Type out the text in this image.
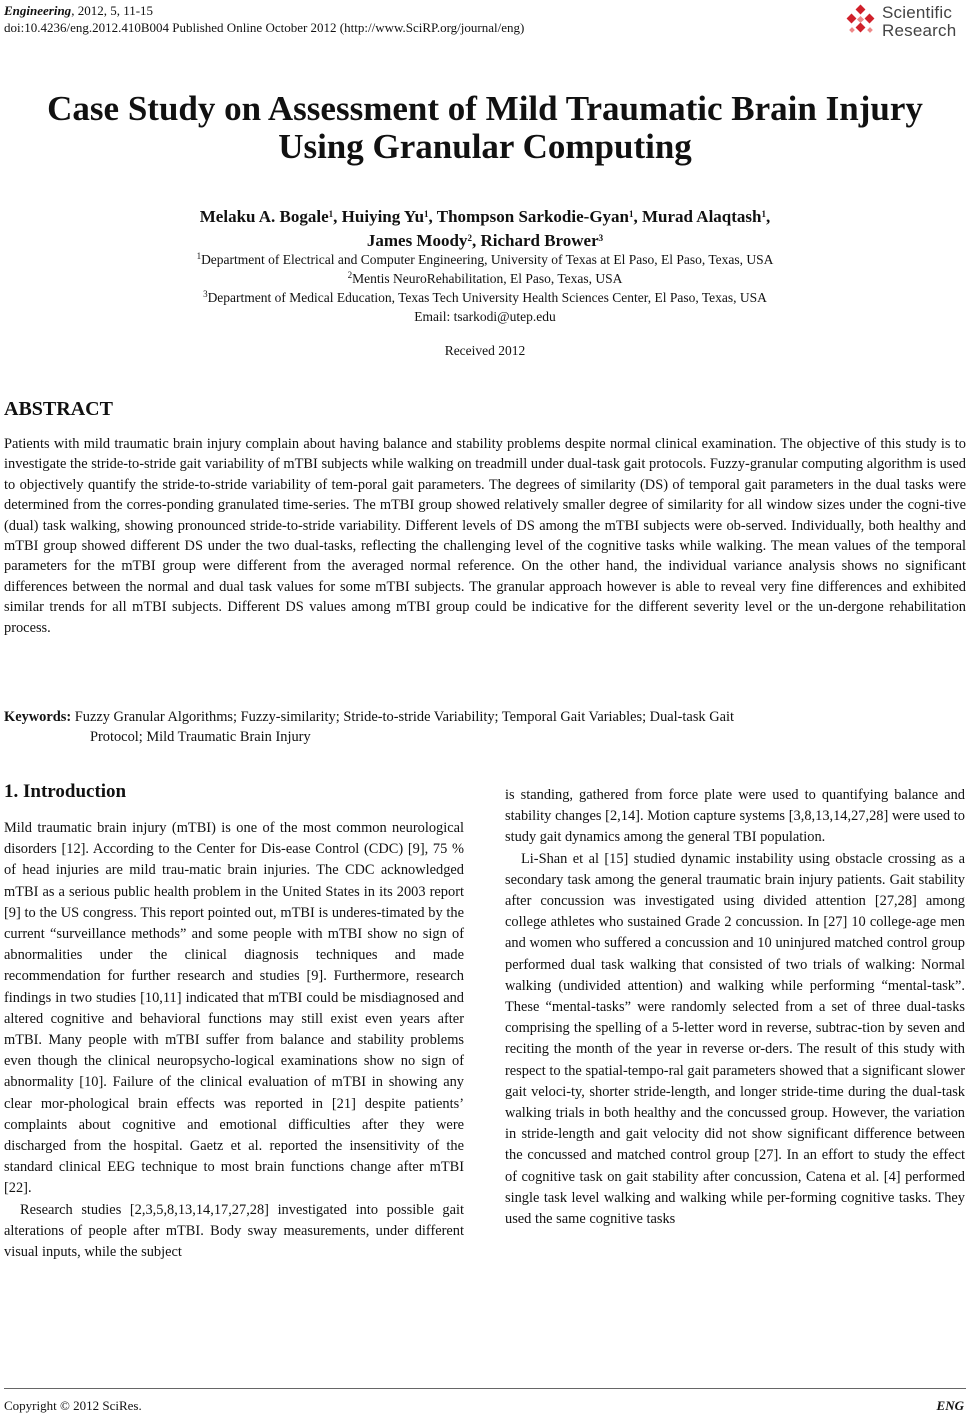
Engineering, 2012, 5, 11-15
doi:10.4236/eng.2012.410B004 Published Online October 2012 (http://www.SciRP.org/journal/eng)
Scientific
Research
Case Study on Assessment of Mild Traumatic Brain Injury
Using Granular Computing
Melaku A. Bogale$^1$, Huiying Yu$^1$, Thompson Sarkodie-Gyan$^1$, Murad Alaqtash$^1$,
James Moody$^2$, Richard Brower$^3$
$^1$Department of Electrical and Computer Engineering, University of Texas at El Paso, El Paso, Texas, USA
$^2$Mentis NeuroRehabilitation, El Paso, Texas, USA
$^3$Department of Medical Education, Texas Tech University Health Sciences Center, El Paso, Texas, USA
Email: tsarkodi@utep.edu
Received 2012
ABSTRACT
Patients with mild traumatic brain injury complain about having balance and stability problems despite normal clinical examination. The objective of this study is to investigate the stride-to-stride gait variability of mTBI subjects while walking on treadmill under dual-task gait protocols. Fuzzy-granular computing algorithm is used to objectively quantify the stride-to-stride variability of tem-poral gait parameters. The degrees of similarity (DS) of temporal gait parameters in the dual tasks were determined from the corres-ponding granulated time-series. The mTBI group showed relatively smaller degree of similarity for all window sizes under the cogni-tive (dual) task walking, showing pronounced stride-to-stride variability. Different levels of DS among the mTBI subjects were ob-served. Individually, both healthy and mTBI group showed different DS under the two dual-tasks, reflecting the challenging level of the cognitive tasks while walking. The mean values of the temporal parameters for the mTBI group were different from the averaged normal reference. On the other hand, the individual variance analysis shows no significant differences between the normal and dual task values for some mTBI subjects. The granular approach however is able to reveal very fine differences and exhibited similar trends for all mTBI subjects. Different DS values among mTBI group could be indicative for the different severity level or the un-dergone rehabilitation process.
Keywords: Fuzzy Granular Algorithms; Fuzzy-similarity; Stride-to-stride Variability; Temporal Gait Variables; Dual-task Gait
Protocol; Mild Traumatic Brain Injury
1. Introduction

Mild traumatic brain injury (mTBI) is one of the most common neurological disorders [12]. According to the Center for Dis-ease Control (CDC) [9], 75 % of head injuries are mild trau-matic brain injuries. The CDC acknowledged mTBI as a serious public health problem in the United States in its 2003 report [9] to the US congress. This report pointed out, mTBI is underes-timated by the current “surveillance methods” and some people with mTBI show no sign of abnormalities under the clinical diagnosis techniques and made recommendation for further research and studies [9]. Furthermore, research findings in two studies [10,11] indicated that mTBI could be misdiagnosed and altered cognitive and behavioral functions may still exist even years after mTBI. Many people with mTBI suffer from balance and stability problems even though the clinical neuropsycho-logical examinations show no sign of abnormality [10]. Failure of the clinical evaluation of mTBI in showing any clear mor-phological brain effects was reported in [21] despite patients’ complaints about cognitive and emotional difficulties after they were discharged from the hospital. Gaetz et al. reported the insensitivity of the standard clinical EEG technique to most brain functions change after mTBI [22].

Research studies [2,3,5,8,13,14,17,27,28] investigated into possible gait alterations of people after mTBI. Body sway measurements, under different visual inputs, while the subject

is standing, gathered from force plate were used to quantifying balance and stability changes [2,14]. Motion capture systems [3,8,13,14,27,28] were used to study gait dynamics among the general TBI population.

Li-Shan et al [15] studied dynamic instability using obstacle crossing as a secondary task among the general traumatic brain injury patients. Gait stability after concussion was investigated using divided attention [27,28] among college athletes who sustained Grade 2 concussion. In [27] 10 college-age men and women who suffered a concussion and 10 uninjured matched control group performed dual task walking that consisted of two trials of walking: Normal walking (undivided attention) and walking while performing “mental-task”. These “mental-tasks” were randomly selected from a set of three dual-tasks comprising the spelling of a 5-letter word in reverse, subtrac-tion by seven and reciting the month of the year in reverse or-ders. The result of this study with respect to the spatial-tempo-ral gait parameters showed that a significant slower gait veloci-ty, shorter stride-length, and longer stride-time during the dual-task walking trials in both healthy and the concussed group. However, the variation in stride-length and gait velocity did not show significant difference between the concussed and matched control group [27]. In an effort to study the effect of cognitive task on gait stability after concussion, Catena et al. [4] performed single task level walking and walking while per-forming cognitive tasks. They used the same cognitive tasks

Copyright © 2012 SciRes.	ENG
